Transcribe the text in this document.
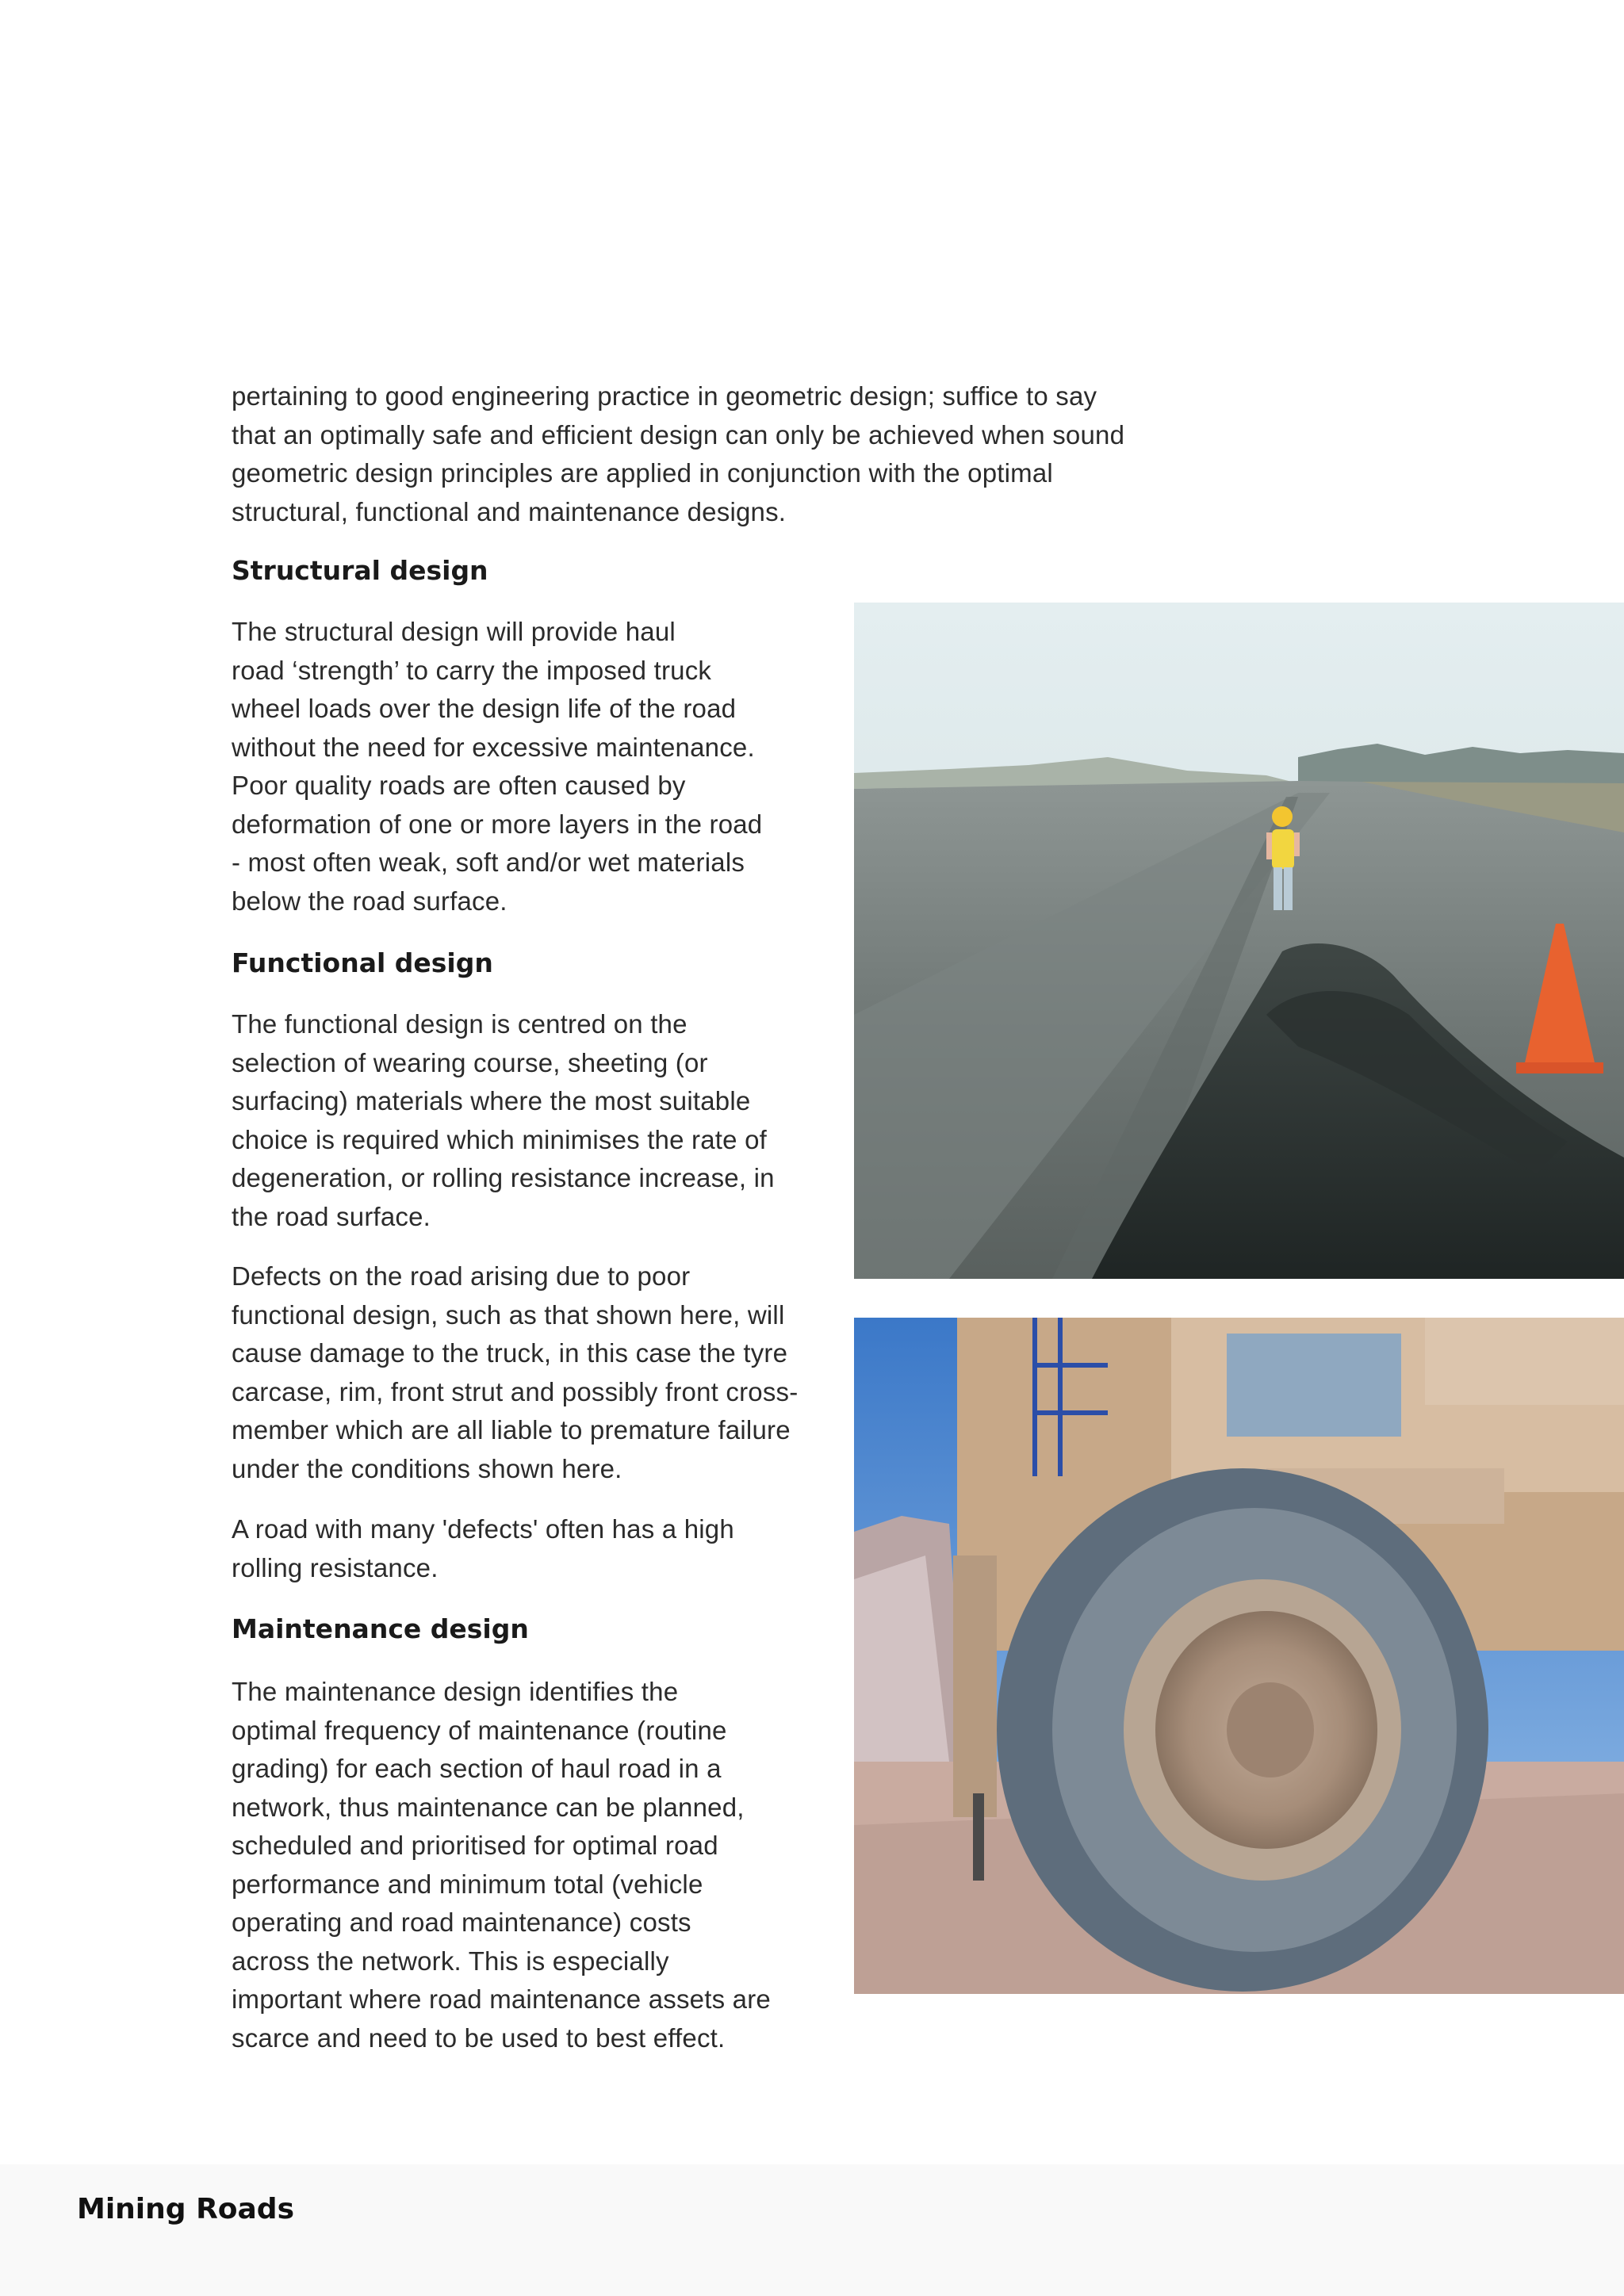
pertaining to good engineering practice in geometric design; suffice to say
that an optimally safe and efficient design can only be achieved when sound
geometric design principles are applied in conjunction with the optimal
structural, functional and maintenance designs.

Structural design

The structural design will provide haul
road ‘strength’ to carry the imposed truck
wheel loads over the design life of the road
without the need for excessive maintenance.
Poor quality roads are often caused by
deformation of one or more layers in the road
- most often weak, soft and/or wet materials
below the road surface.

Functional design

The functional design is centred on the
selection of wearing course, sheeting (or
surfacing) materials where the most suitable
choice is required which minimises the rate of
degeneration, or rolling resistance increase, in
the road surface.

Defects on the road arising due to poor
functional design, such as that shown here, will
cause damage to the truck, in this case the tyre
carcase, rim, front strut and possibly front cross-
member which are all liable to premature failure
under the conditions shown here.

A road with many 'defects' often has a high
rolling resistance.

Maintenance design

The maintenance design identifies the
optimal frequency of maintenance (routine
grading) for each section of haul road in a
network, thus maintenance can be planned,
scheduled and prioritised for optimal road
performance and minimum total (vehicle
operating and road maintenance) costs
across the network. This is especially
important where road maintenance assets are
scarce and need to be used to best effect.

Mining Roads
